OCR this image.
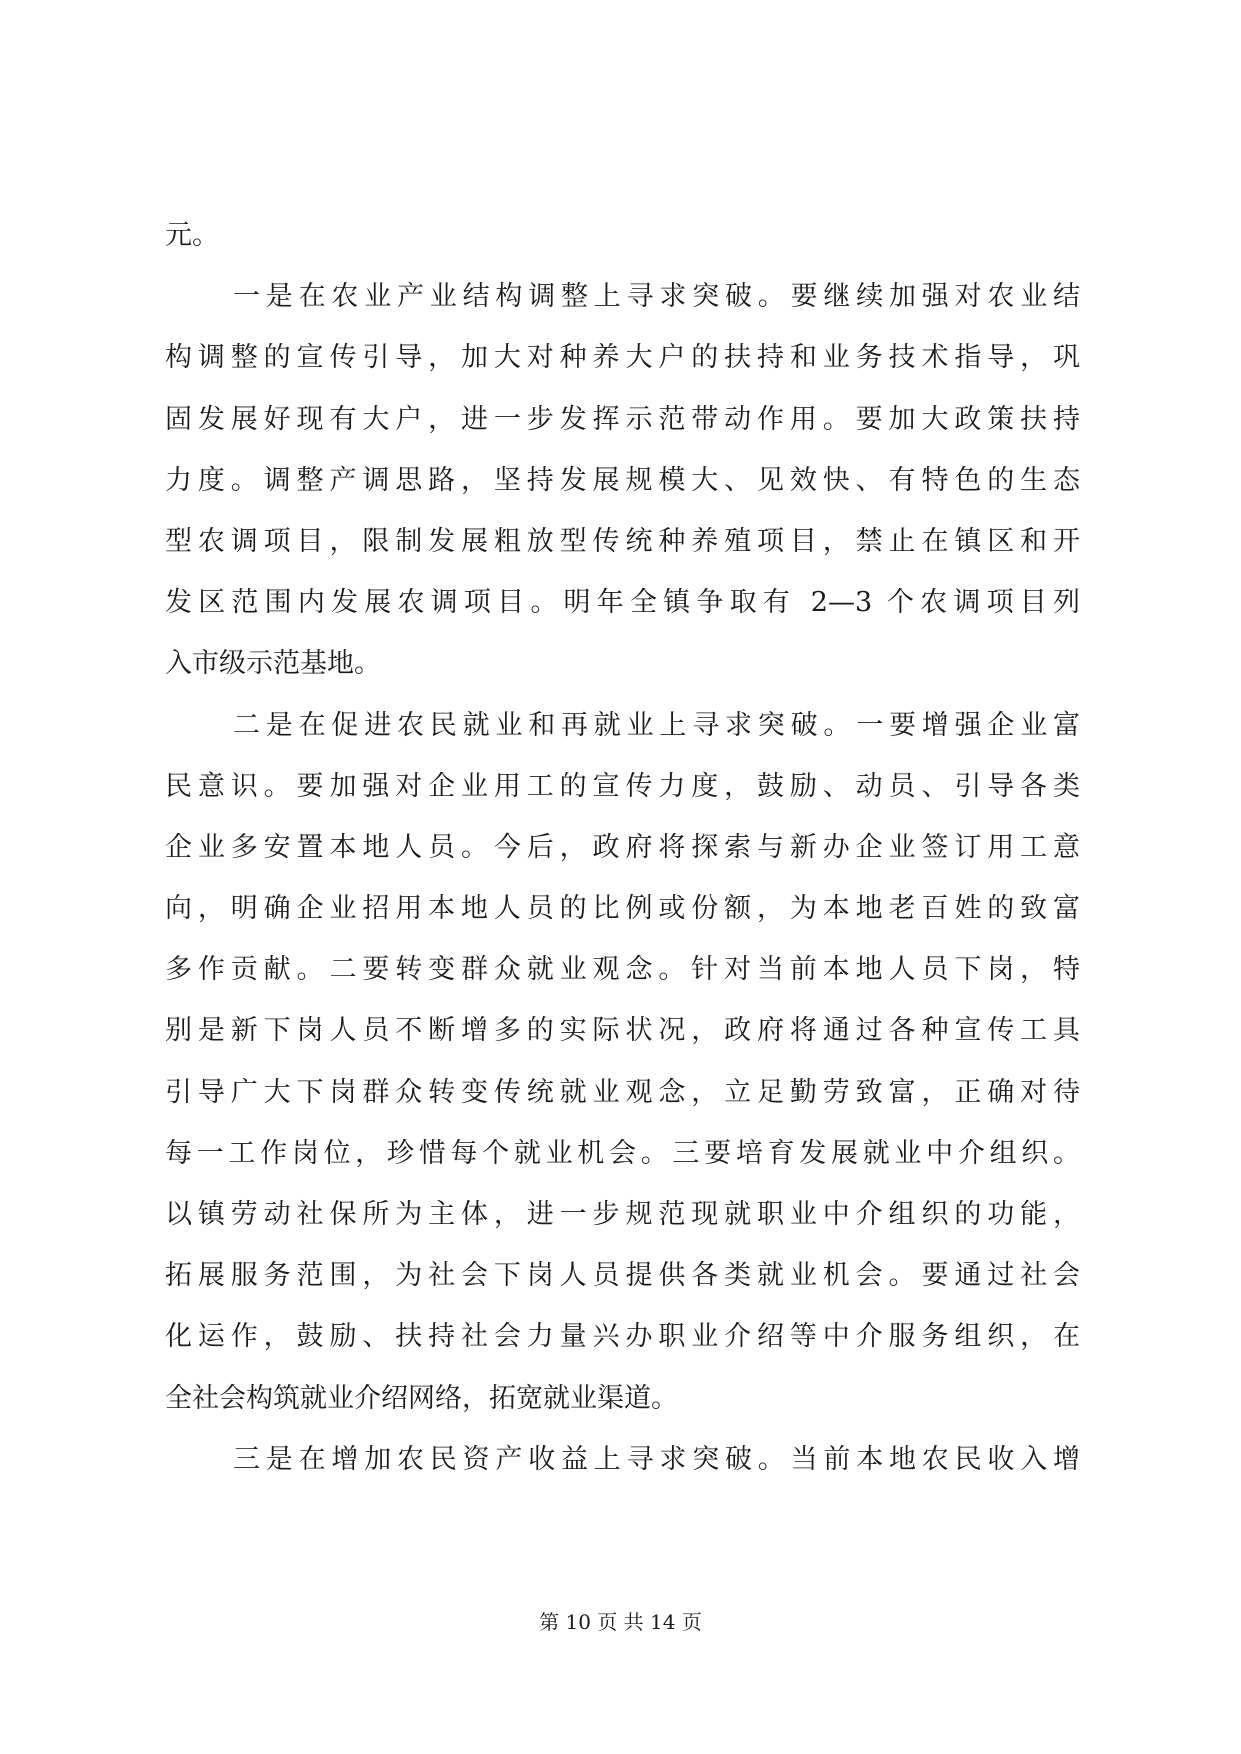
元。
一是在农业产业结构调整上寻求突破。要继续加强对农业结
构调整的宣传引导，加大对种养大户的扶持和业务技术指导，巩
固发展好现有大户，进一步发挥示范带动作用。要加大政策扶持
力度。调整产调思路，坚持发展规模大、见效快、有特色的生态
型农调项目，限制发展粗放型传统种养殖项目，禁止在镇区和开
发区范围内发展农调项目。明年全镇争取有 2—3 个农调项目列
入市级示范基地。
二是在促进农民就业和再就业上寻求突破。一要增强企业富
民意识。要加强对企业用工的宣传力度，鼓励、动员、引导各类
企业多安置本地人员。今后，政府将探索与新办企业签订用工意
向，明确企业招用本地人员的比例或份额，为本地老百姓的致富
多作贡献。二要转变群众就业观念。针对当前本地人员下岗，特
别是新下岗人员不断增多的实际状况，政府将通过各种宣传工具
引导广大下岗群众转变传统就业观念，立足勤劳致富，正确对待
每一工作岗位，珍惜每个就业机会。三要培育发展就业中介组织。
以镇劳动社保所为主体，进一步规范现就职业中介组织的功能，
拓展服务范围，为社会下岗人员提供各类就业机会。要通过社会
化运作，鼓励、扶持社会力量兴办职业介绍等中介服务组织，在
全社会构筑就业介绍网络，拓宽就业渠道。
三是在增加农民资产收益上寻求突破。当前本地农民收入增
第 10 页 共 14 页
